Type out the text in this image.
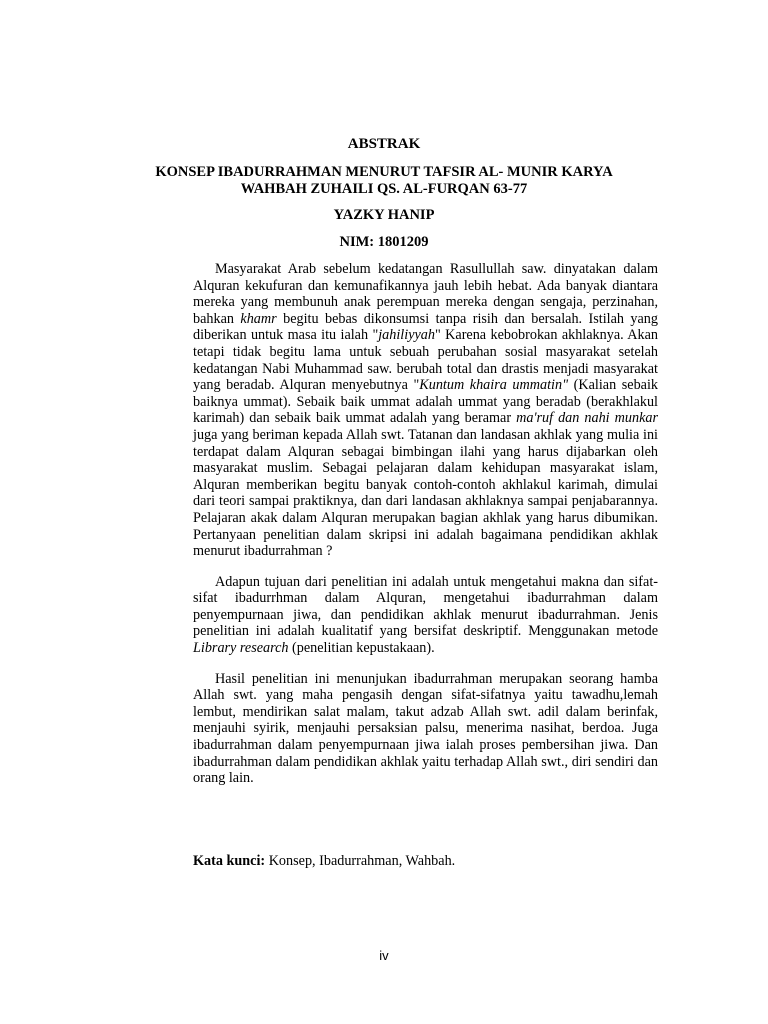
ABSTRAK
KONSEP IBADURRAHMAN MENURUT TAFSIR AL- MUNIR KARYA
WAHBAH ZUHAILI QS. AL-FURQAN 63-77
YAZKY HANIP
NIM: 1801209

Masyarakat Arab sebelum kedatangan Rasullullah saw. dinyatakan dalam Alquran kekufuran dan kemunafikannya jauh lebih hebat. Ada banyak diantara mereka yang membunuh anak perempuan mereka dengan sengaja, perzinahan, bahkan khamr begitu bebas dikonsumsi tanpa risih dan bersalah. Istilah yang diberikan untuk masa itu ialah "jahiliyyah" Karena kebobrokan akhlaknya. Akan tetapi tidak begitu lama untuk sebuah perubahan sosial masyarakat setelah kedatangan Nabi Muhammad saw. berubah total dan drastis menjadi masyarakat yang beradab. Alquran menyebutnya "Kuntum khaira ummatin" (Kalian sebaik baiknya ummat). Sebaik baik ummat adalah ummat yang beradab (berakhlakul karimah) dan sebaik baik ummat adalah yang beramar ma'ruf dan nahi munkar juga yang beriman kepada Allah swt. Tatanan dan landasan akhlak yang mulia ini terdapat dalam Alquran sebagai bimbingan ilahi yang harus dijabarkan oleh masyarakat muslim. Sebagai pelajaran dalam kehidupan masyarakat islam, Alquran memberikan begitu banyak contoh-contoh akhlakul karimah, dimulai dari teori sampai praktiknya, dan dari landasan akhlaknya sampai penjabarannya. Pelajaran akak dalam Alquran merupakan bagian akhlak yang harus dibumikan. Pertanyaan penelitian dalam skripsi ini adalah bagaimana pendidikan akhlak menurut ibadurrahman ?

Adapun tujuan dari penelitian ini adalah untuk mengetahui makna dan sifat-sifat ibadurrhman dalam Alquran, mengetahui ibadurrahman dalam penyempurnaan jiwa, dan pendidikan akhlak menurut ibadurrahman. Jenis penelitian ini adalah kualitatif yang bersifat deskriptif. Menggunakan metode Library research (penelitian kepustakaan).

Hasil penelitian ini menunjukan ibadurrahman merupakan seorang hamba Allah swt. yang maha pengasih dengan sifat-sifatnya yaitu tawadhu,lemah lembut, mendirikan salat malam, takut adzab Allah swt. adil dalam berinfak, menjauhi syirik, menjauhi persaksian palsu, menerima nasihat, berdoa. Juga ibadurrahman dalam penyempurnaan jiwa ialah proses pembersihan jiwa. Dan ibadurrahman dalam pendidikan akhlak yaitu terhadap Allah swt., diri sendiri dan orang lain.

Kata kunci: Konsep, Ibadurrahman, Wahbah.
iv
